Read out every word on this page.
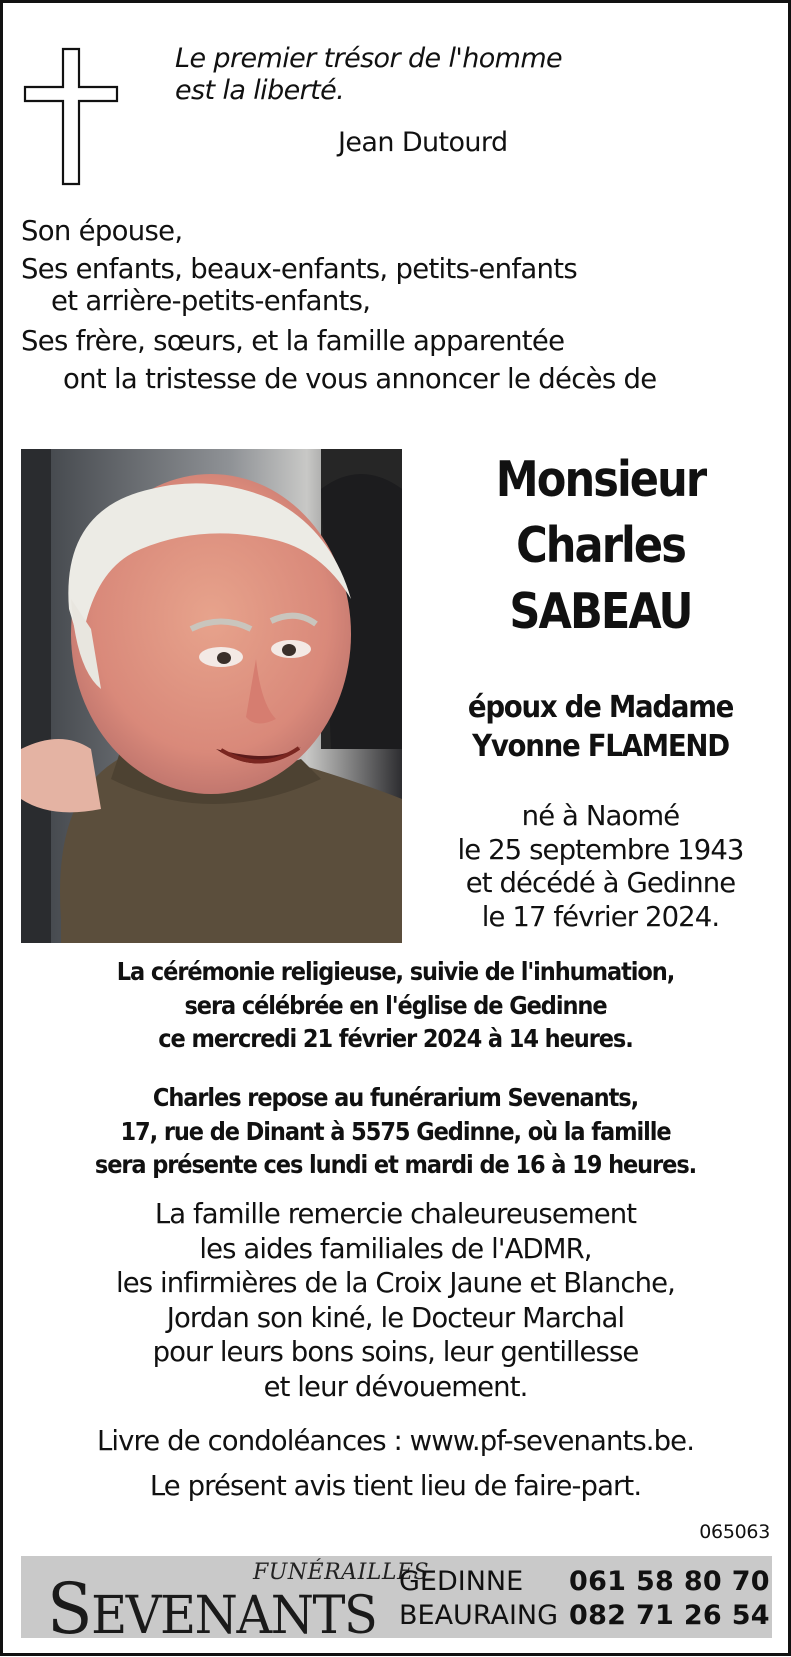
Le premier trésor de l'homme
est la liberté.
Jean Dutourd
Son épouse,
Ses enfants, beaux-enfants, petits-enfants
et arrière-petits-enfants,
Ses frère, sœurs, et la famille apparentée
ont la tristesse de vous annoncer le décès de
Monsieur
Charles
SABEAU
époux de Madame
Yvonne FLAMEND
né à Naomé
le 25 septembre 1943
et décédé à Gedinne
le 17 février 2024.
La cérémonie religieuse, suivie de l'inhumation,
sera célébrée en l'église de Gedinne
ce mercredi 21 février 2024 à 14 heures.
Charles repose au funérarium Sevenants,
17, rue de Dinant à 5575 Gedinne, où la famille
sera présente ces lundi et mardi de 16 à 19 heures.
La famille remercie chaleureusement
les aides familiales de l'ADMR,
les infirmières de la Croix Jaune et Blanche,
Jordan son kiné, le Docteur Marchal
pour leurs bons soins, leur gentillesse
et leur dévouement.
Livre de condoléances : www.pf-sevenants.be.
Le présent avis tient lieu de faire-part.
065063
SEVENANTS
FUNÉRAILLES
GEDINNE 061 58 80 70
BEAURAING 082 71 26 54
